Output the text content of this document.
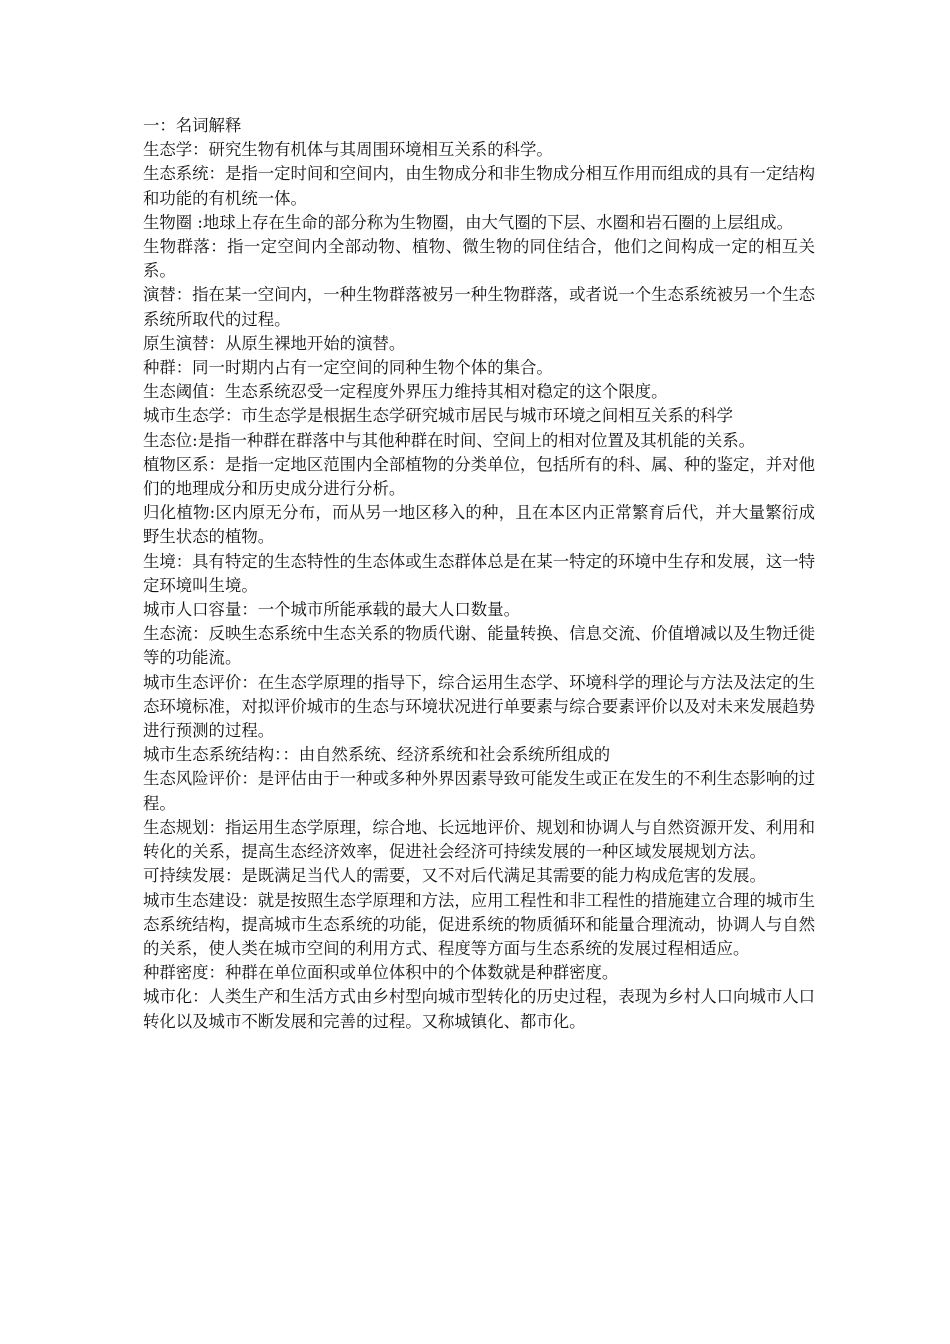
一：名词解释

生态学：研究生物有机体与其周围环境相互关系的科学。

生态系统：是指一定时间和空间内，由生物成分和非生物成分相互作用而组成的具有一定结构和功能的有机统一体。

生物圈 :地球上存在生命的部分称为生物圈，由大气圈的下层、水圈和岩石圈的上层组成。

生物群落：指一定空间内全部动物、植物、微生物的同住结合，他们之间构成一定的相互关系。

演替：指在某一空间内，一种生物群落被另一种生物群落，或者说一个生态系统被另一个生态系统所取代的过程。

原生演替：从原生裸地开始的演替。

种群：同一时期内占有一定空间的同种生物个体的集合。

生态阈值：生态系统忍受一定程度外界压力维持其相对稳定的这个限度。

城市生态学：市生态学是根据生态学研究城市居民与城市环境之间相互关系的科学

生态位:是指一种群在群落中与其他种群在时间、空间上的相对位置及其机能的关系。

植物区系：是指一定地区范围内全部植物的分类单位，包括所有的科、属、种的鉴定，并对他们的地理成分和历史成分进行分析。

归化植物:区内原无分布，而从另一地区移入的种，且在本区内正常繁育后代，并大量繁衍成野生状态的植物。

生境：具有特定的生态特性的生态体或生态群体总是在某一特定的环境中生存和发展，这一特定环境叫生境。

城市人口容量：一个城市所能承载的最大人口数量。

生态流：反映生态系统中生态关系的物质代谢、能量转换、信息交流、价值增减以及生物迁徙等的功能流。

城市生态评价：在生态学原理的指导下，综合运用生态学、环境科学的理论与方法及法定的生态环境标准，对拟评价城市的生态与环境状况进行单要素与综合要素评价以及对未来发展趋势进行预测的过程。

城市生态系统结构：：由自然系统、经济系统和社会系统所组成的

生态风险评价：是评估由于一种或多种外界因素导致可能发生或正在发生的不利生态影响的过程。

生态规划：指运用生态学原理，综合地、长远地评价、规划和协调人与自然资源开发、利用和转化的关系，提高生态经济效率，促进社会经济可持续发展的一种区域发展规划方法。

可持续发展：是既满足当代人的需要，又不对后代满足其需要的能力构成危害的发展。

城市生态建设：就是按照生态学原理和方法，应用工程性和非工程性的措施建立合理的城市生态系统结构，提高城市生态系统的功能，促进系统的物质循环和能量合理流动，协调人与自然的关系，使人类在城市空间的利用方式、程度等方面与生态系统的发展过程相适应。

种群密度：种群在单位面积或单位体积中的个体数就是种群密度。

城市化：人类生产和生活方式由乡村型向城市型转化的历史过程，表现为乡村人口向城市人口转化以及城市不断发展和完善的过程。又称城镇化、都市化。
